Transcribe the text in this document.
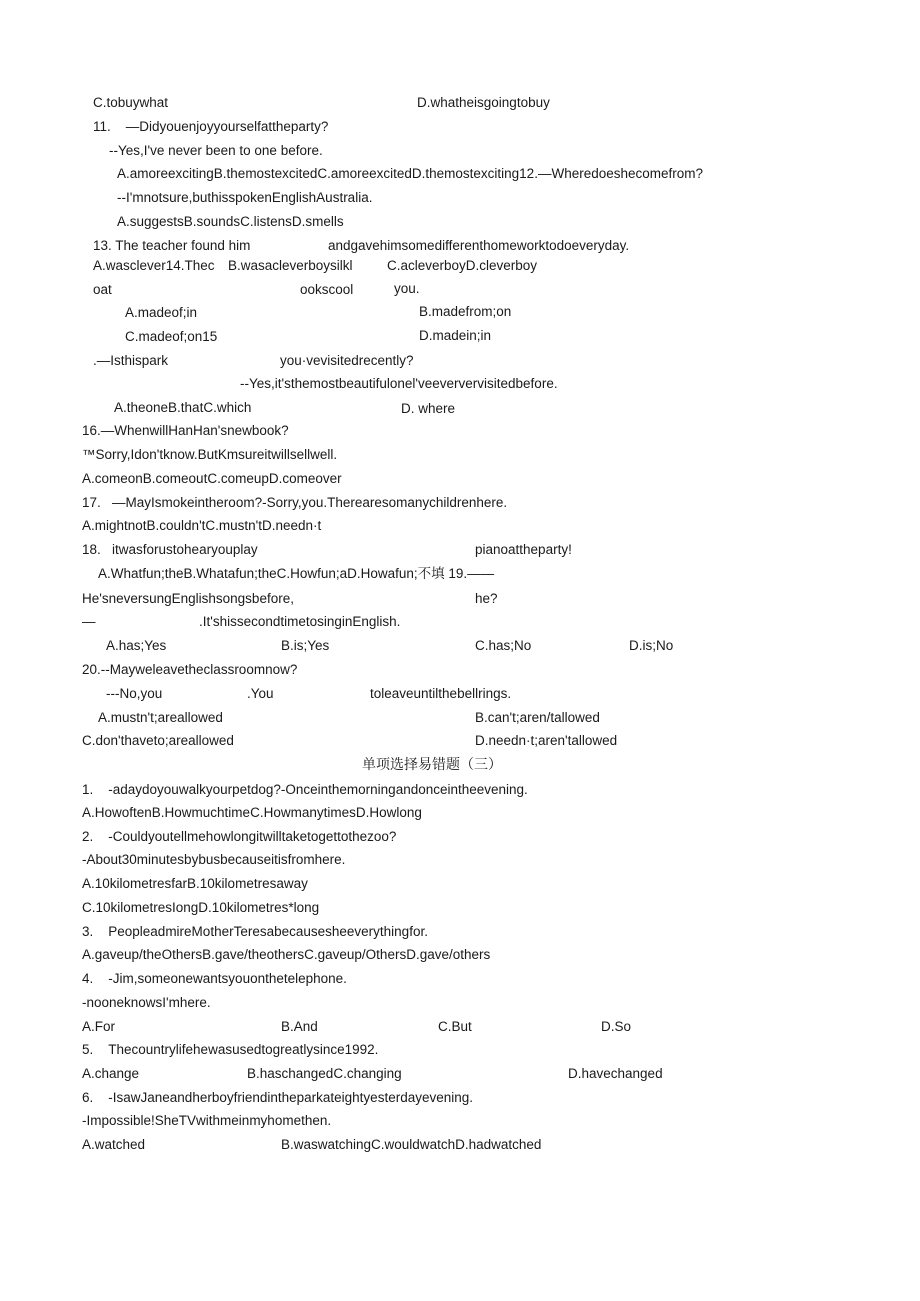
C.tobuywhat	D.whatheisgoingtobuy
11.    —Didyouenjoyyourselfattheparty?
--Yes,I've never been to one before.
A.amoreexcitingB.themostexcitedC.amoreexcitedD.themostexciting12.—Wheredoeshecomefrom?
--Iʹmnotsure,buthisspokenEnglishAustralia.
A.suggestsB.soundsC.listensD.smells
13. The teacher found him	andgavehimsomedifferenthomeworktodoeveryday.
A.wasclever14.Thec B.wasacleverboysilkl	C.acleverboyD.cleverboy
oat	ookscool	you.
A.madeof;in	B.madefrom;on
C.madeof;on15	D.madein;in
.—Isthispark	you·vevisitedrecently?
--Yes,it'sthemostbeautifulonelʹveeververvisitedbefore.
A.theoneB.thatC.which	D. where
16.—WhenwillHanHan'snewbook?
™Sorry,Idon'tknow.ButKmsureitwillsellwell.
A.comeonB.comeoutC.comeupD.comeover
17.   —MayIsmokeintheroom?-Sorry,you.Therearesomanychildrenhere.
A.mightnotB.couldn'tC.mustn'tD.needn·t
18.   itwasforustohearyouplay	pianoattheparty!
A.Whatfun;theB.Whatafun;theC.Howfun;aD.Howafun;不填 19.——
He'sneversungEnglishsongsbefore,	he?
—	.It'shissecondtimetosinginEnglish.
A.has;Yes	B.is;Yes	C.has;No	D.is;No
20.--Mayweleavetheclassroomnow?
---No,you	.You	toleaveuntilthebellrings.
A.mustn't;areallowed	B.can't;aren/tallowed
C.don'thaveto;areallowed	D.needn·t;aren'tallowed
单项选择易错题（三）
1.    -adaydoyouwalkyourpetdog?-Onceinthemorningandonceintheevening.
A.HowoftenB.HowmuchtimeC.HowmanytimesD.Howlong
2.    -Couldyoutellmehowlongitwilltaketogettothezoo?
-About30minutesbybusbecauseitisfromhere.
A.10kilometresfarB.10kilometresaway
C.10kilometresIongD.10kilometres*long
3.    PeopleadmireMotherTeresabecausesheeverythingfor.
A.gaveup/theOthersB.gave/theothersC.gaveup/OthersD.gave/others
4.    -Jim,someonewantsyouonthetelephone.
-nooneknowsI'mhere.
A.For	B.And	C.But	D.So
5.    Thecountrylifehewasusedtogreatlysince1992.
A.change	B.haschangedC.changing	D.havechanged
6.    -IsawJaneandherboyfriendintheparkateightyesterdayevening.
-Impossible!SheTVwithmeinmyhomethen.
A.watched	B.waswatchingC.wouldwatchD.hadwatched
